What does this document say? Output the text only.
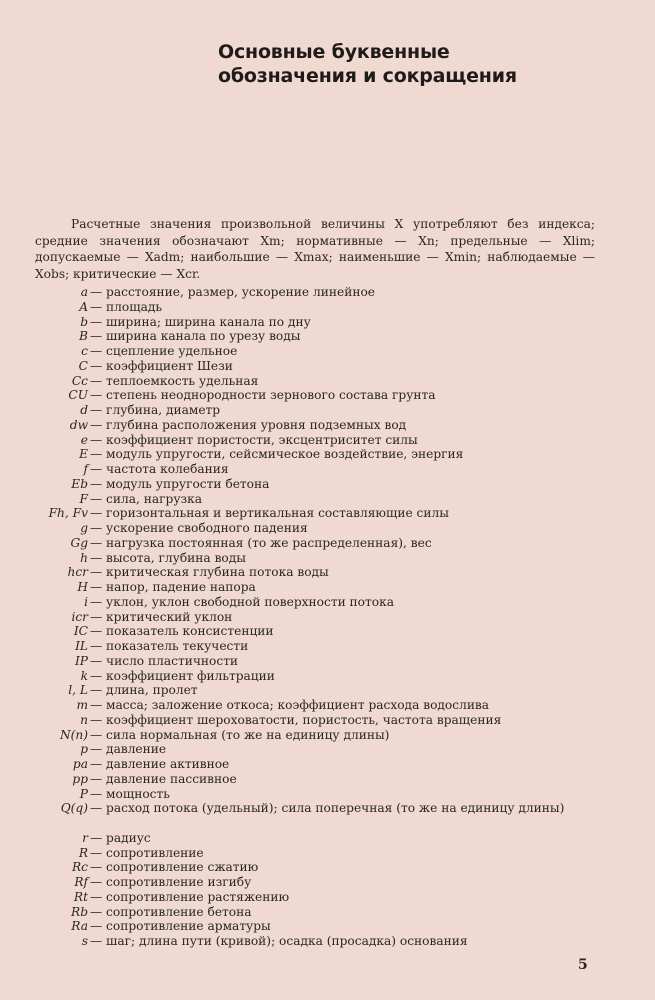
Основные буквенные
обозначения и сокращения

Расчетные значения произвольной величины X употребляют без индекса; средние значения обозначают Xm; нормативные — Xn; предельные — Xlim; допускаемые — Xadm; наибольшие — Xmax; наименьшие — Xmin; наблюдаемые — Xobs; критические — Xcr.

a — расстояние, размер, ускорение линейное
A — площадь
b — ширина; ширина канала по дну
B — ширина канала по урезу воды
c — сцепление удельное
C — коэффициент Шези
Cc — теплоемкость удельная
CU — степень неоднородности зернового состава грунта
d — глубина, диаметр
dw — глубина расположения уровня подземных вод
e — коэффициент пористости, эксцентриситет силы
E — модуль упругости, сейсмическое воздействие, энергия
f — частота колебания
Eb — модуль упругости бетона
F — сила, нагрузка
Fh, Fv — горизонтальная и вертикальная составляющие силы
g — ускорение свободного падения
Gg — нагрузка постоянная (то же распределенная), вес
h — высота, глубина воды
hcr — критическая глубина потока воды
H — напор, падение напора
i — уклон, уклон свободной поверхности потока
icr — критический уклон
IC — показатель консистенции
IL — показатель текучести
IP — число пластичности
k — коэффициент фильтрации
l, L — длина, пролет
m — масса; заложение откоса; коэффициент расхода водослива
n — коэффициент шероховатости, пористость, частота вращения
N(n) — сила нормальная (то же на единицу длины)
p — давление
pa — давление активное
pp — давление пассивное
P — мощность
Q(q) — расход потока (удельный); сила поперечная (то же на единицу длины)
r — радиус
R — сопротивление
Rc — сопротивление сжатию
Rf — сопротивление изгибу
Rt — сопротивление растяжению
Rb — сопротивление бетона
Ra — сопротивление арматуры
s — шаг; длина пути (кривой); осадка (просадка) основания
5
